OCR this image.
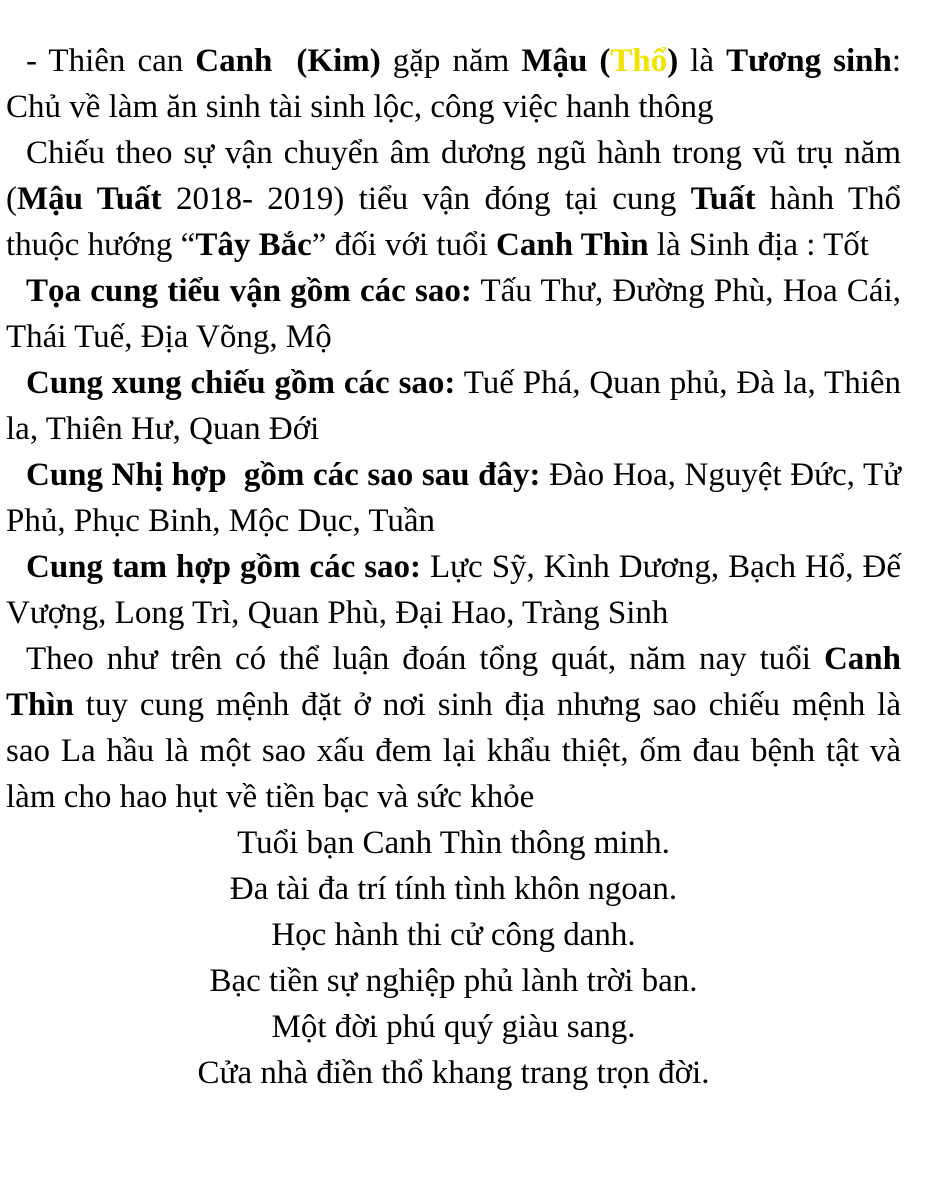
- Thiên can Canh (Kim) gặp năm Mậu (Thổ) là Tương sinh: Chủ về làm ăn sinh tài sinh lộc, công việc hanh thông

Chiếu theo sự vận chuyển âm dương ngũ hành trong vũ trụ năm (Mậu Tuất 2018- 2019) tiểu vận đóng tại cung Tuất hành Thổ thuộc hướng “Tây Bắc” đối với tuổi Canh Thìn là Sinh địa : Tốt

Tọa cung tiểu vận gồm các sao: Tấu Thư, Đường Phù, Hoa Cái, Thái Tuế, Địa Võng, Mộ

Cung xung chiếu gồm các sao: Tuế Phá, Quan phủ, Đà la, Thiên la, Thiên Hư, Quan Đới

Cung Nhị hợp  gồm các sao sau đây: Đào Hoa, Nguyệt Đức, Tử Phủ, Phục Binh, Mộc Dục, Tuần

Cung tam hợp gồm các sao: Lực Sỹ, Kình Dương, Bạch Hổ, Đế Vượng, Long Trì, Quan Phù, Đại Hao, Tràng Sinh

Theo như trên có thể luận đoán tổng quát, năm nay tuổi Canh Thìn tuy cung mệnh đặt ở nơi sinh địa nhưng sao chiếu mệnh là sao La hầu là một sao xấu đem lại khẩu thiệt, ốm đau bệnh tật và làm cho hao hụt về tiền bạc và sức khỏe

Tuổi bạn Canh Thìn thông minh.
Đa tài đa trí tính tình khôn ngoan.
Học hành thi cử công danh.
Bạc tiền sự nghiệp phủ lành trời ban.
Một đời phú quý giàu sang.
Cửa nhà điền thổ khang trang trọn đời.
